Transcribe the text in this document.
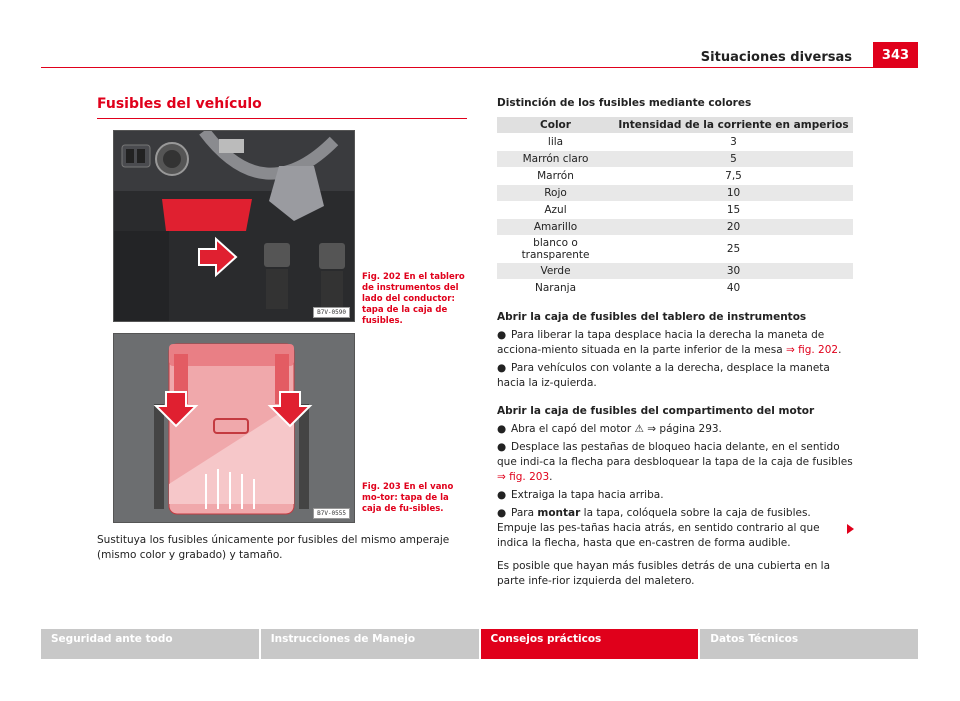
Situaciones diversas	343
Fusibles del vehículo
B7V-0590
Fig. 202 En el tablero de instrumentos del lado del conductor: tapa de la caja de fusibles.
B7V-0555
Fig. 203 En el vano mo-tor: tapa de la caja de fu-sibles.
Sustituya los fusibles únicamente por fusibles del mismo amperaje (mismo color y grabado) y tamaño.
Distinción de los fusibles mediante colores
Color	Intensidad de la corriente en amperios
lila	3
Marrón claro	5
Marrón	7,5
Rojo	10
Azul	15
Amarillo	20
blanco o transparente	25
Verde	30
Naranja	40
Abrir la caja de fusibles del tablero de instrumentos
● Para liberar la tapa desplace hacia la derecha la maneta de acciona-miento situada en la parte inferior de la mesa ⇒ fig. 202.
● Para vehículos con volante a la derecha, desplace la maneta hacia la iz-quierda.
Abrir la caja de fusibles del compartimento del motor
● Abra el capó del motor ⚠ ⇒ página 293.
● Desplace las pestañas de bloqueo hacia delante, en el sentido que indi-ca la flecha para desbloquear la tapa de la caja de fusibles ⇒ fig. 203.
● Extraiga la tapa hacia arriba.
● Para montar la tapa, colóquela sobre la caja de fusibles. Empuje las pes-tañas hacia atrás, en sentido contrario al que indica la flecha, hasta que en-castren de forma audible.
Es posible que hayan más fusibles detrás de una cubierta en la parte infe-rior izquierda del maletero.
Seguridad ante todo	Instrucciones de Manejo	Consejos prácticos	Datos Técnicos
